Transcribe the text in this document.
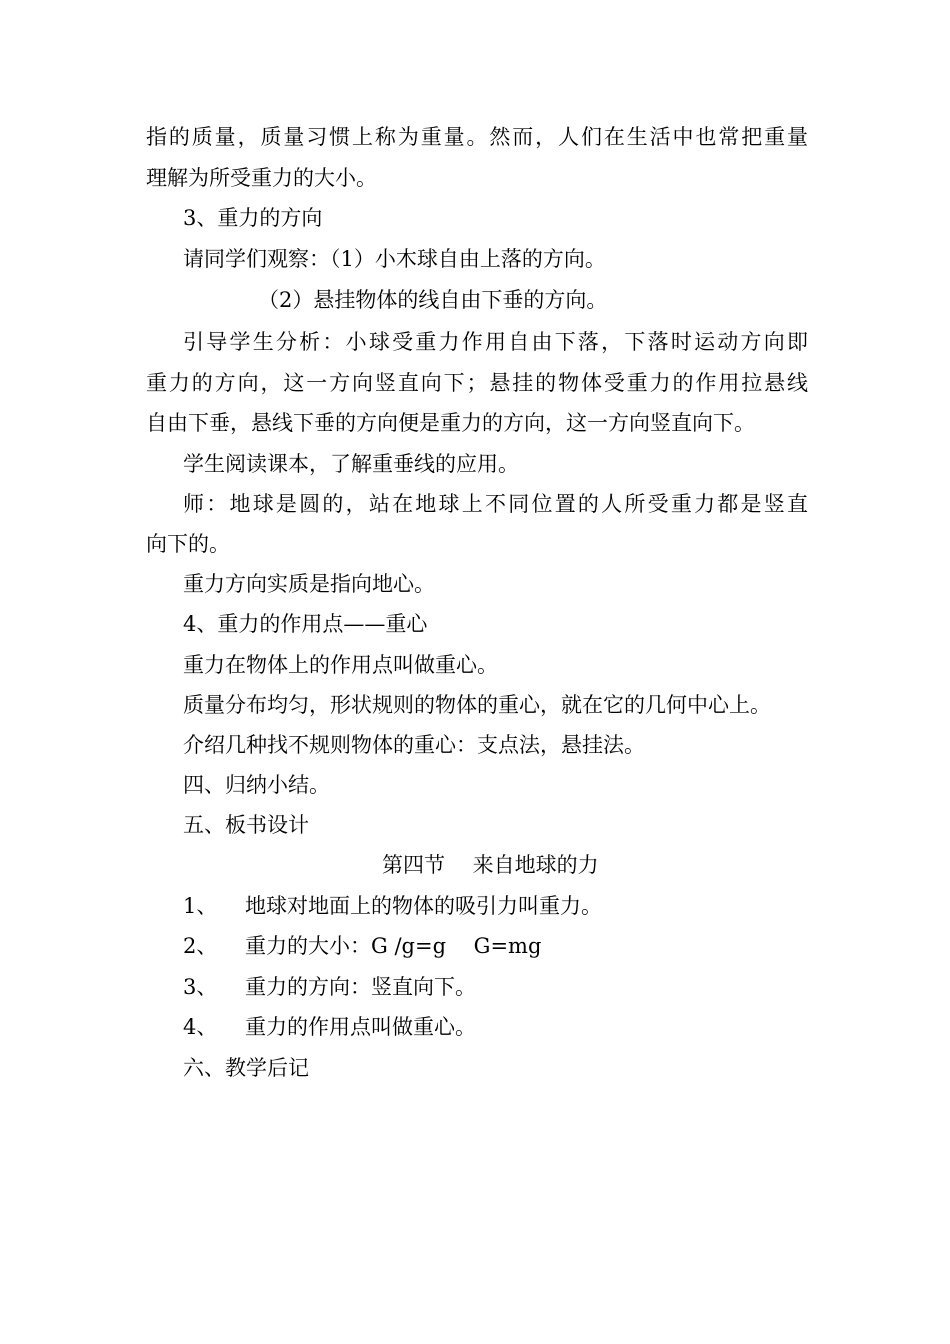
指的质量，质量习惯上称为重量。然而，人们在生活中也常把重量
理解为所受重力的大小。
3、重力的方向
请同学们观察：（1）小木球自由上落的方向。
（2）悬挂物体的线自由下垂的方向。
引导学生分析：小球受重力作用自由下落，下落时运动方向即
重力的方向，这一方向竖直向下；悬挂的物体受重力的作用拉悬线
自由下垂，悬线下垂的方向便是重力的方向，这一方向竖直向下。
学生阅读课本，了解重垂线的应用。
师：地球是圆的，站在地球上不同位置的人所受重力都是竖直
向下的。
重力方向实质是指向地心。
4、重力的作用点——重心
重力在物体上的作用点叫做重心。
质量分布均匀，形状规则的物体的重心，就在它的几何中心上。
介绍几种找不规则物体的重心：支点法，悬挂法。
四、归纳小结。
五、板书设计
第四节　 来自地球的力
1、 地球对地面上的物体的吸引力叫重力。
2、 重力的大小：G /g=g　 G=mg
3、 重力的方向：竖直向下。
4、 重力的作用点叫做重心。
六、教学后记
